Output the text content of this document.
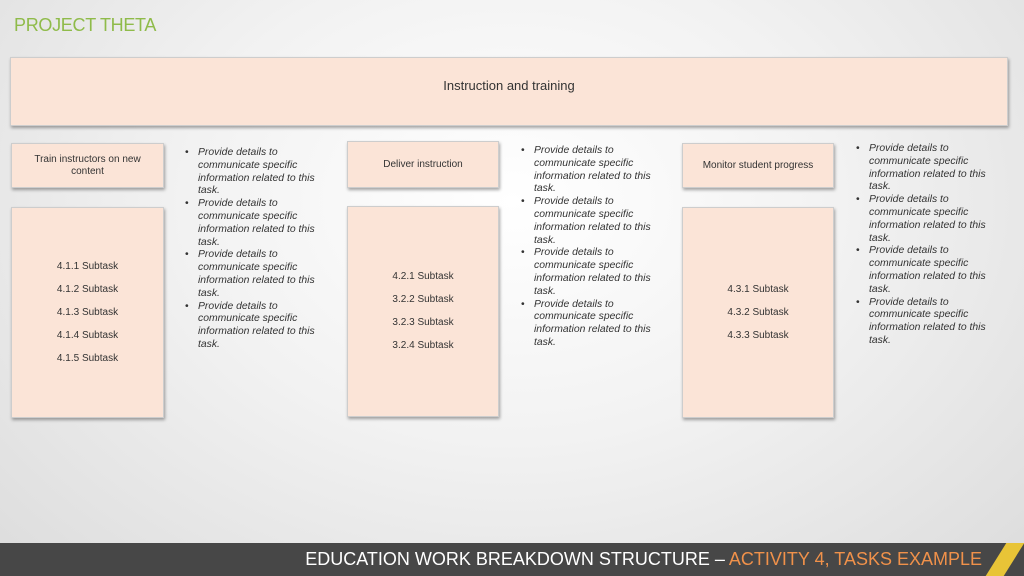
PROJECT THETA
Instruction and training
Train instructors on new content
4.1.1 Subtask
4.1.2 Subtask
4.1.3 Subtask
4.1.4 Subtask
4.1.5 Subtask
• Provide details to communicate specific information related to this task.
• Provide details to communicate specific information related to this task.
• Provide details to communicate specific information related to this task.
• Provide details to communicate specific information related to this task.
Deliver instruction
4.2.1 Subtask
3.2.2 Subtask
3.2.3 Subtask
3.2.4 Subtask
• Provide details to communicate specific information related to this task.
• Provide details to communicate specific information related to this task.
• Provide details to communicate specific information related to this task.
• Provide details to communicate specific information related to this task.
Monitor student progress
4.3.1 Subtask
4.3.2 Subtask
4.3.3 Subtask
• Provide details to communicate specific information related to this task.
• Provide details to communicate specific information related to this task.
• Provide details to communicate specific information related to this task.
• Provide details to communicate specific information related to this task.
EDUCATION WORK BREAKDOWN STRUCTURE – ACTIVITY 4, TASKS EXAMPLE
